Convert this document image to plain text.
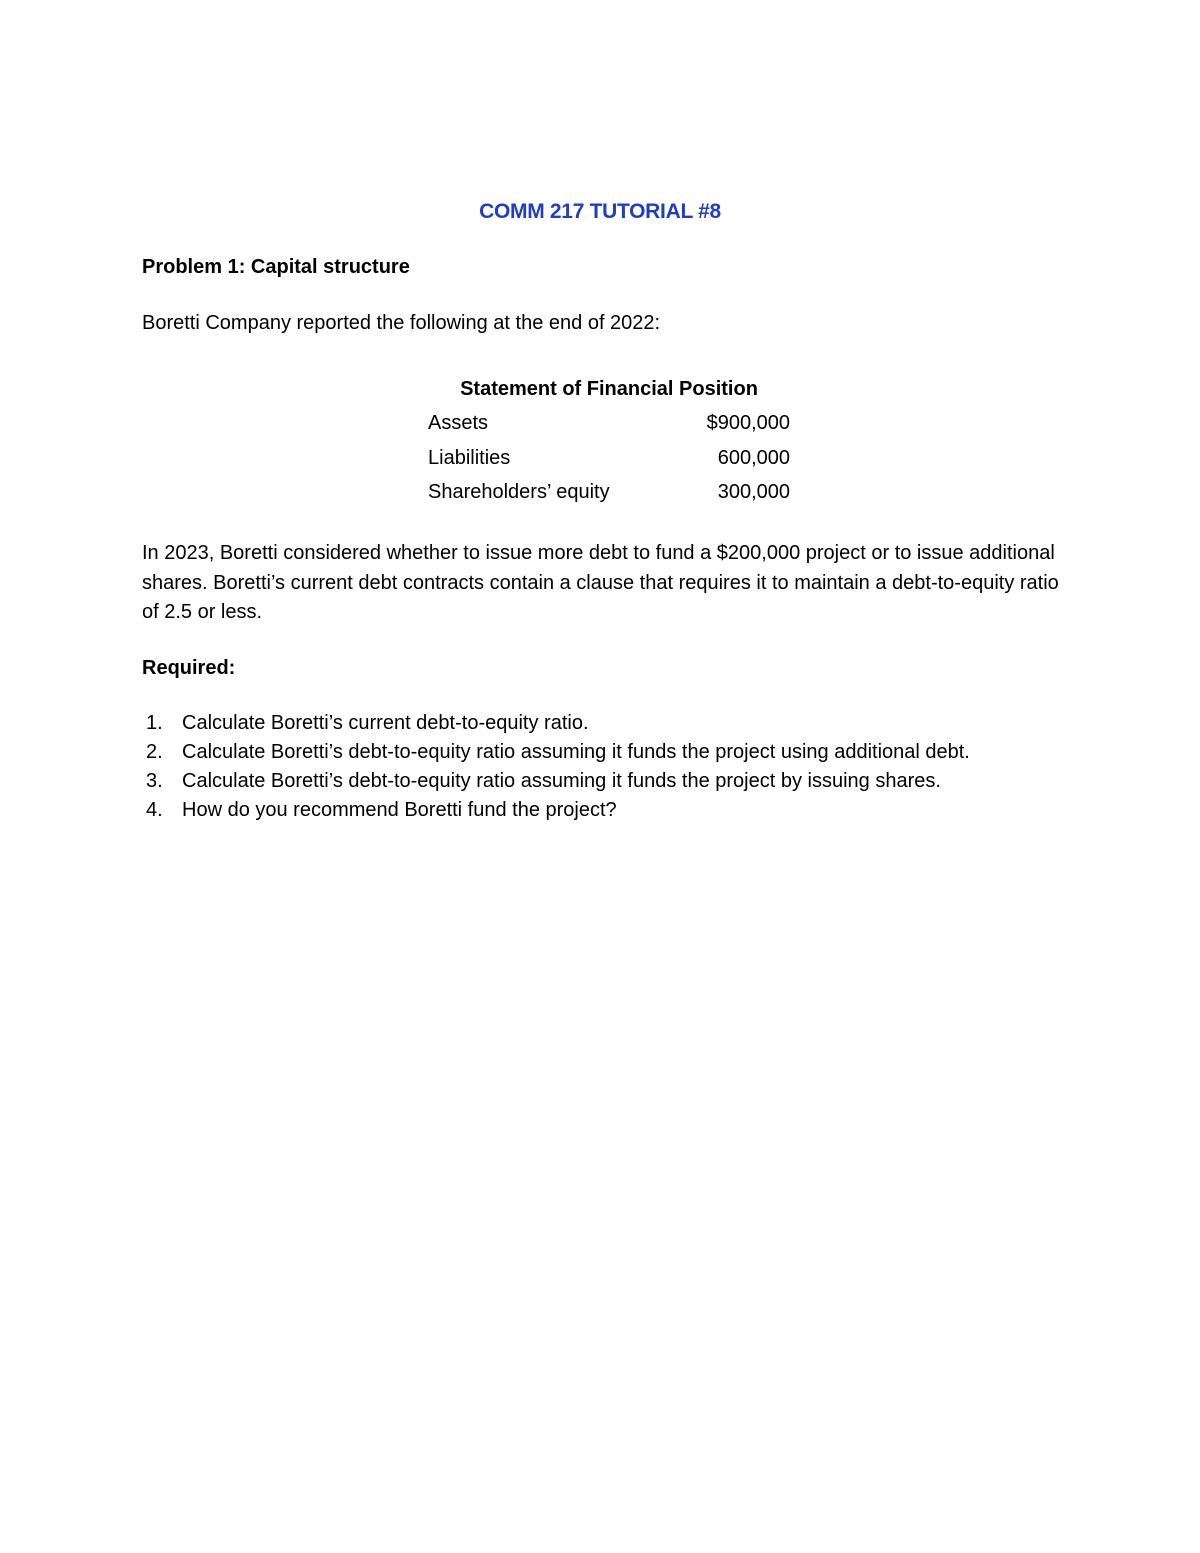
COMM 217 TUTORIAL #8
Problem 1: Capital structure
Boretti Company reported the following at the end of 2022:
Statement of Financial Position
Assets	$900,000
Liabilities	600,000
Shareholders’ equity	300,000
In 2023, Boretti considered whether to issue more debt to fund a $200,000 project or to issue additional shares. Boretti’s current debt contracts contain a clause that requires it to maintain a debt-to-equity ratio of 2.5 or less.
Required:
1. Calculate Boretti’s current debt-to-equity ratio.
2. Calculate Boretti’s debt-to-equity ratio assuming it funds the project using additional debt.
3. Calculate Boretti’s debt-to-equity ratio assuming it funds the project by issuing shares.
4. How do you recommend Boretti fund the project?
